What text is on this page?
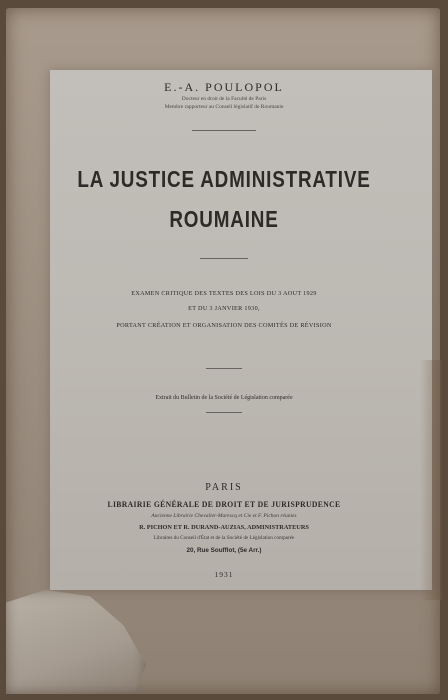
E.-A. POULOPOL

Docteur en droit de la Faculté de Paris

Membre rapporteur au Conseil législatif de Roumanie

LA JUSTICE ADMINISTRATIVE

ROUMAINE

EXAMEN CRITIQUE DES TEXTES DES LOIS DU 3 AOUT 1929

ET DU 3 JANVIER 1930,

PORTANT CRÉATION ET ORGANISATION DES COMITÉS DE RÉVISION

Extrait du Bulletin de la Société de Législation comparée

PARIS

LIBRAIRIE GÉNÉRALE DE DROIT ET DE JURISPRUDENCE

Ancienne Librairie Chevalier-Marescq et Cie et F. Pichon réunies

R. PICHON ET R. DURAND-AUZIAS, ADMINISTRATEURS

Libraires du Conseil d'État et de la Société de Législation comparée

20, Rue Soufflot, (5e Arr.)

1931
